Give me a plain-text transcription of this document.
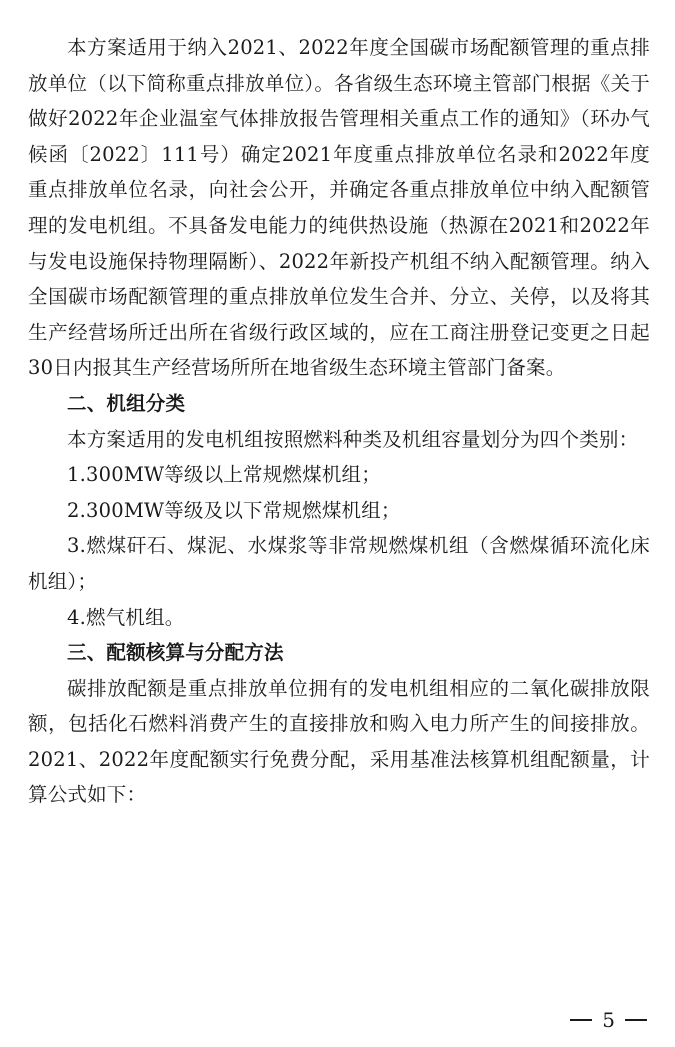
本方案适用于纳入2021、2022年度全国碳市场配额管理的重点排放单位（以下简称重点排放单位）。各省级生态环境主管部门根据《关于做好2022年企业温室气体排放报告管理相关重点工作的通知》（环办气候函〔2022〕111号）确定2021年度重点排放单位名录和2022年度重点排放单位名录，向社会公开，并确定各重点排放单位中纳入配额管理的发电机组。不具备发电能力的纯供热设施（热源在2021和2022年与发电设施保持物理隔断）、2022年新投产机组不纳入配额管理。纳入全国碳市场配额管理的重点排放单位发生合并、分立、关停，以及将其生产经营场所迁出所在省级行政区域的，应在工商注册登记变更之日起30日内报其生产经营场所所在地省级生态环境主管部门备案。

二、机组分类

本方案适用的发电机组按照燃料种类及机组容量划分为四个类别：

1.300MW等级以上常规燃煤机组；

2.300MW等级及以下常规燃煤机组；

3.燃煤矸石、煤泥、水煤浆等非常规燃煤机组（含燃煤循环流化床机组）；

4.燃气机组。

三、配额核算与分配方法

碳排放配额是重点排放单位拥有的发电机组相应的二氧化碳排放限额，包括化石燃料消费产生的直接排放和购入电力所产生的间接排放。2021、2022年度配额实行免费分配，采用基准法核算机组配额量，计算公式如下：

5
